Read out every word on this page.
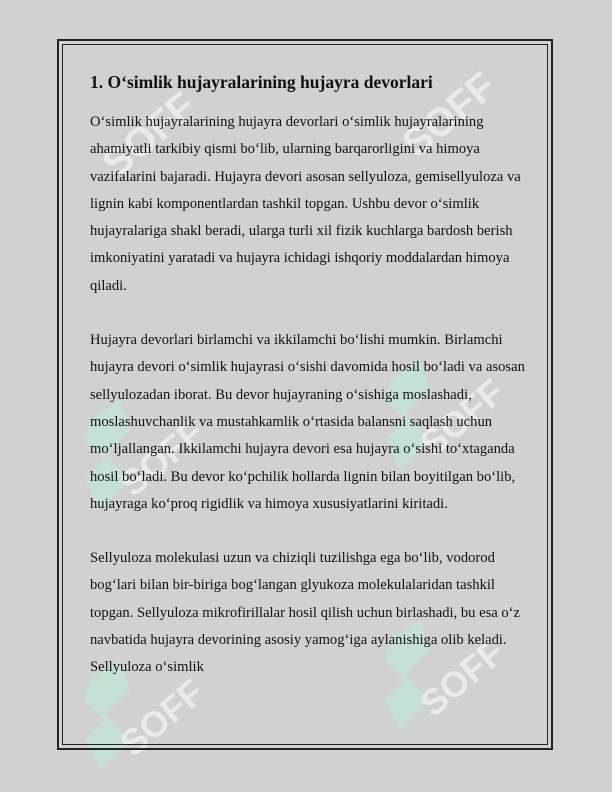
SOFF	SOFF
SOFF	SOFF
SOFF	SOFF
1. O‘simlik hujayralarining hujayra devorlari

O‘simlik hujayralarining hujayra devorlari o‘simlik hujayralarining ahamiyatli tarkibiy qismi bo‘lib, ularning barqarorligini va himoya vazifalarini bajaradi. Hujayra devori asosan sellyuloza, gemisellyuloza va lignin kabi komponentlardan tashkil topgan. Ushbu devor o‘simlik hujayralariga shakl beradi, ularga turli xil fizik kuchlarga bardosh berish imkoniyatini yaratadi va hujayra ichidagi ishqoriy moddalardan himoya qiladi.

Hujayra devorlari birlamchi va ikkilamchi bo‘lishi mumkin. Birlamchi hujayra devori o‘simlik hujayrasi o‘sishi davomida hosil bo‘ladi va asosan sellyulozadan iborat. Bu devor hujayraning o‘sishiga moslashadi, moslashuvchanlik va mustahkamlik o‘rtasida balansni saqlash uchun mo‘ljallangan. Ikkilamchi hujayra devori esa hujayra o‘sishi to‘xtaganda hosil bo‘ladi. Bu devor ko‘pchilik hollarda lignin bilan boyitilgan bo‘lib, hujayraga ko‘proq rigidlik va himoya xususiyatlarini kiritadi.

Sellyuloza molekulasi uzun va chiziqli tuzilishga ega bo‘lib, vodorod bog‘lari bilan bir-biriga bog‘langan glyukoza molekulalaridan tashkil topgan. Sellyuloza mikrofirillalar hosil qilish uchun birlashadi, bu esa o‘z navbatida hujayra devorining asosiy yamog‘iga aylanishiga olib keladi. Sellyuloza o‘simlik
